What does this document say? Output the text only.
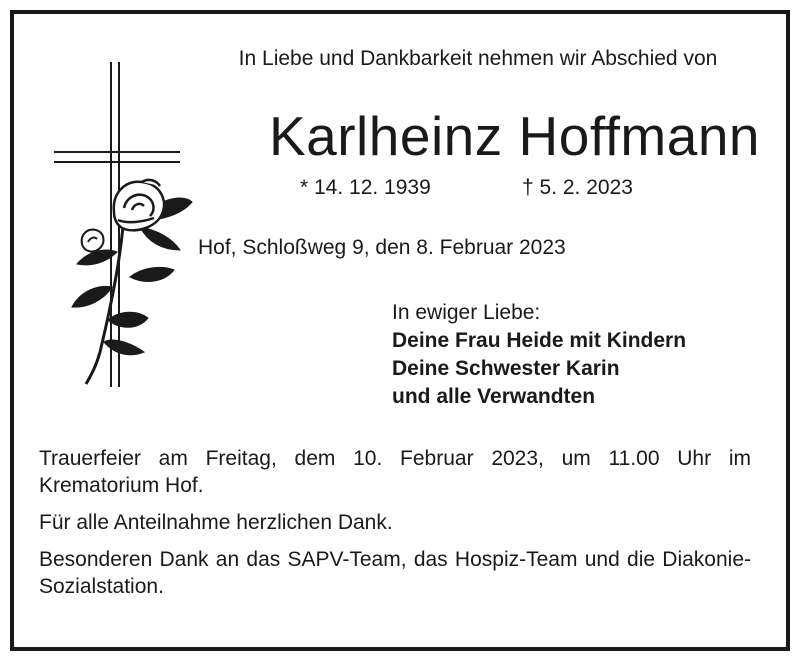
In Liebe und Dankbarkeit nehmen wir Abschied von
Karlheinz Hoffmann
* 14. 12. 1939	† 5. 2. 2023
Hof, Schloßweg 9, den 8. Februar 2023
In ewiger Liebe:
Deine Frau Heide mit Kindern
Deine Schwester Karin
und alle Verwandten

Trauerfeier am Freitag, dem 10. Februar 2023, um 11.00 Uhr im Krematorium Hof.

Für alle Anteilnahme herzlichen Dank.

Besonderen Dank an das SAPV-Team, das Hospiz-Team und die Diakonie-Sozialstation.
